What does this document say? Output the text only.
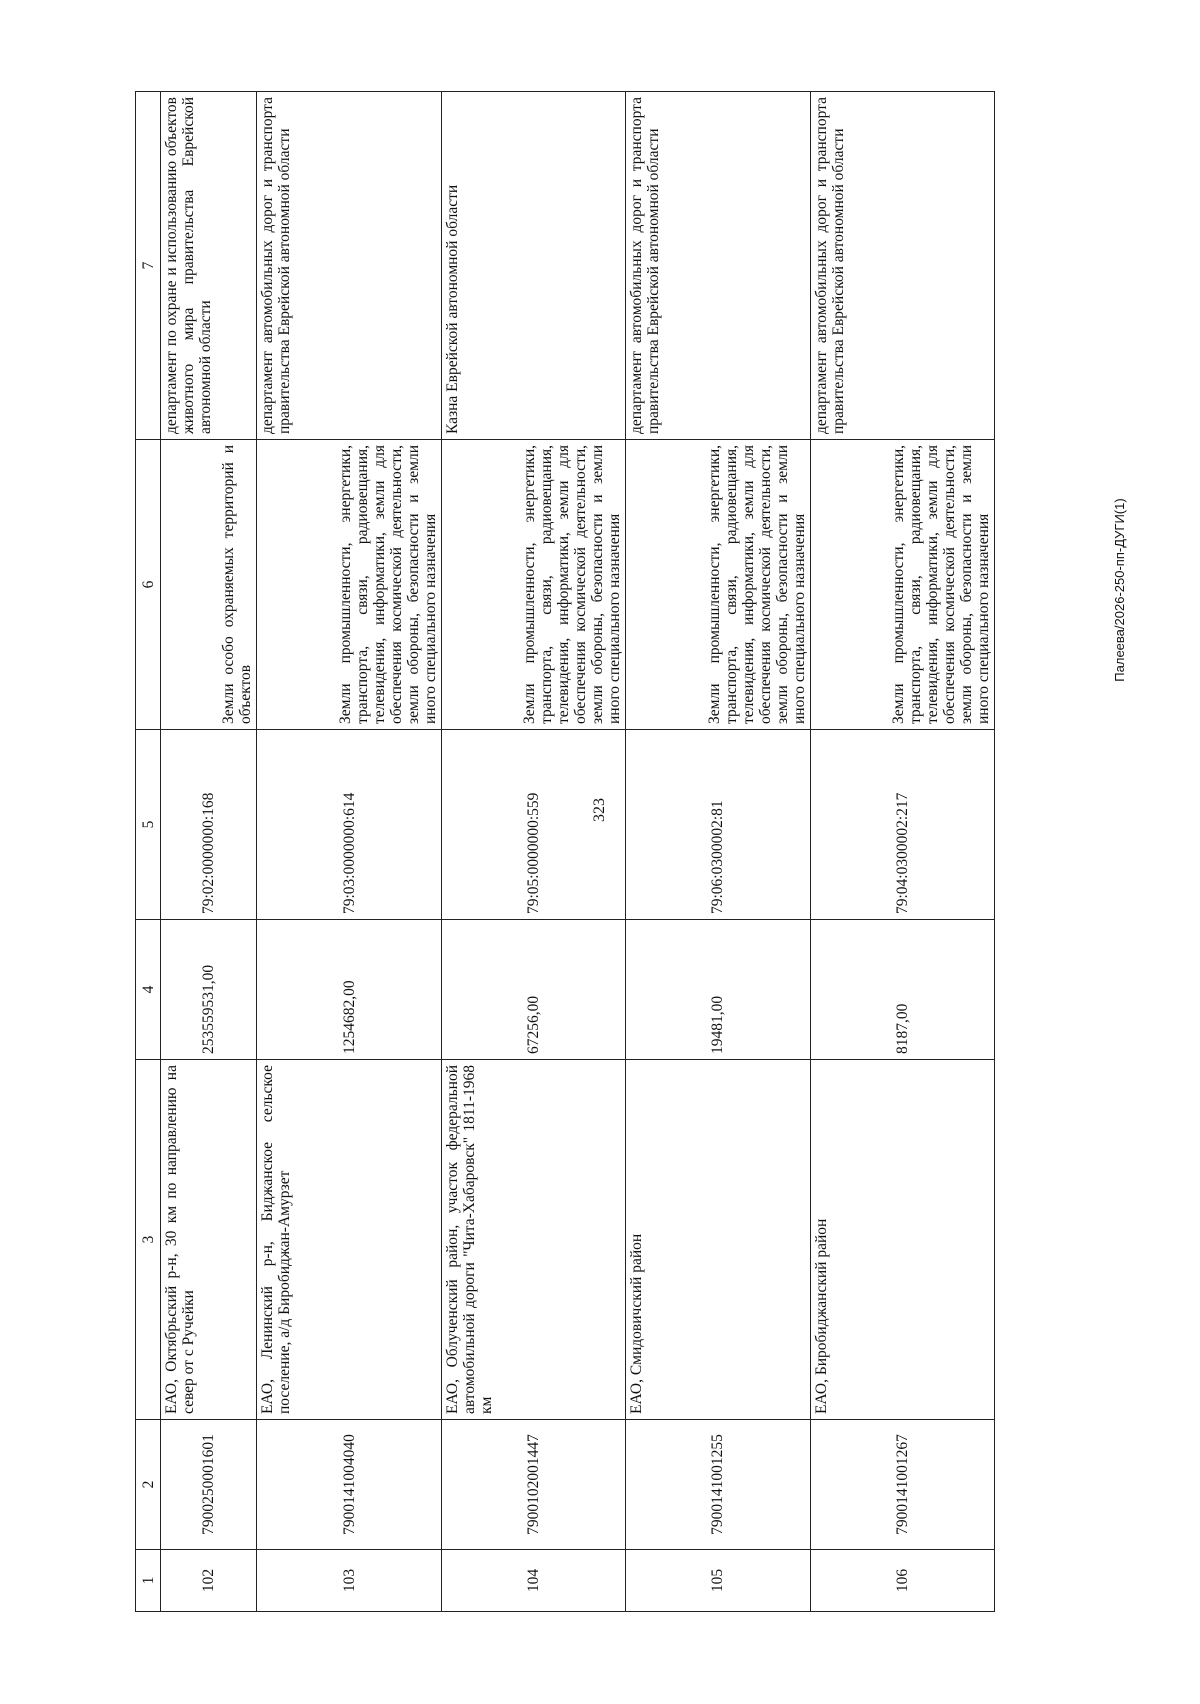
323
Палеева/2026-250-пп-ДУГИ(1)
1	2	3	4	5	6	7
102	7900250001601	ЕАО, Октябрьский р-н, 30 км по направлению на север от с Ручейки	253559531,00	79:02:0000000:168	Земли особо охраняемых территорий и объектов	департамент по охране и использованию объектов животного мира правительства Еврейской автономной области
103	7900141004040	ЕАО, Ленинский р-н, Биджанское сельское поселение, а/д Биробиджан-Амурзет	1254682,00	79:03:0000000:614	Земли промышленности, энергетики, транспорта, связи, радиовещания, телевидения, информатики, земли для обеспечения космической деятельности, земли обороны, безопасности и земли иного специального назначения	департамент автомобильных дорог и транспорта правительства Еврейской автономной области
104	7900102001447	ЕАО, Облученский район, участок федеральной автомобильной дороги "Чита-Хабаровск" 1811-1968 км	67256,00	79:05:0000000:559	Земли промышленности, энергетики, транспорта, связи, радиовещания, телевидения, информатики, земли для обеспечения космической деятельности, земли обороны, безопасности и земли иного специального назначения	Казна Еврейской автономной области
105	7900141001255	ЕАО, Смидовичский район	19481,00	79:06:0300002:81	Земли промышленности, энергетики, транспорта, связи, радиовещания, телевидения, информатики, земли для обеспечения космической деятельности, земли обороны, безопасности и земли иного специального назначения	департамент автомобильных дорог и транспорта правительства Еврейской автономной области
106	7900141001267	ЕАО, Биробиджанский район	8187,00	79:04:0300002:217	Земли промышленности, энергетики, транспорта, связи, радиовещания, телевидения, информатики, земли для обеспечения космической деятельности, земли обороны, безопасности и земли иного специального назначения	департамент автомобильных дорог и транспорта правительства Еврейской автономной области
